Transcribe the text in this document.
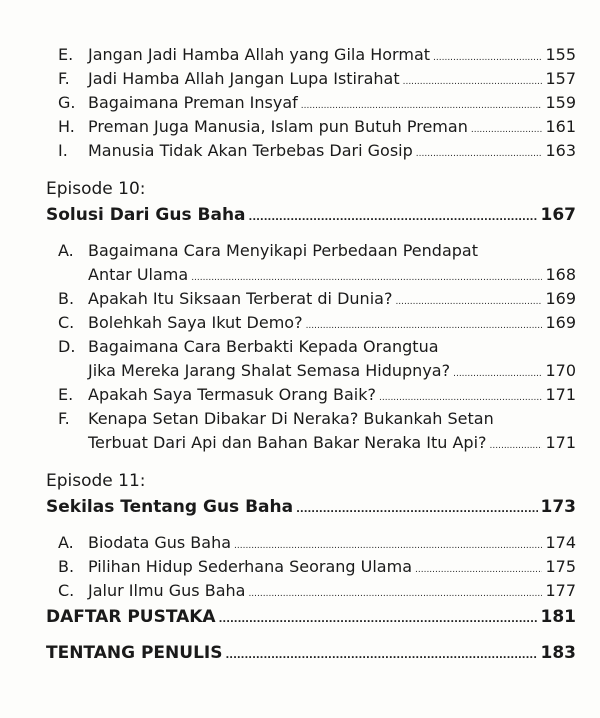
E. Jangan Jadi Hamba Allah yang Gila Hormat .....	155
F. Jadi Hamba Allah Jangan Lupa Istirahat .....	157
G. Bagaimana Preman Insyaf .....	159
H. Preman Juga Manusia, Islam pun Butuh Preman .....	161
I. Manusia Tidak Akan Terbebas Dari Gosip .....	163
Episode 10:
Solusi Dari Gus Baha .....	167
A. Bagaimana Cara Menyikapi Perbedaan Pendapat
Antar Ulama .....	168
B. Apakah Itu Siksaan Terberat di Dunia? .....	169
C. Bolehkah Saya Ikut Demo? .....	169
D. Bagaimana Cara Berbakti Kepada Orangtua
Jika Mereka Jarang Shalat Semasa Hidupnya? .....	170
E. Apakah Saya Termasuk Orang Baik? .....	171
F. Kenapa Setan Dibakar Di Neraka? Bukankah Setan
Terbuat Dari Api dan Bahan Bakar Neraka Itu Api? .....	171
Episode 11:
Sekilas Tentang Gus Baha .....	173
A. Biodata Gus Baha .....	174
B. Pilihan Hidup Sederhana Seorang Ulama .....	175
C. Jalur Ilmu Gus Baha .....	177
DAFTAR PUSTAKA .....	181
TENTANG PENULIS .....	183
